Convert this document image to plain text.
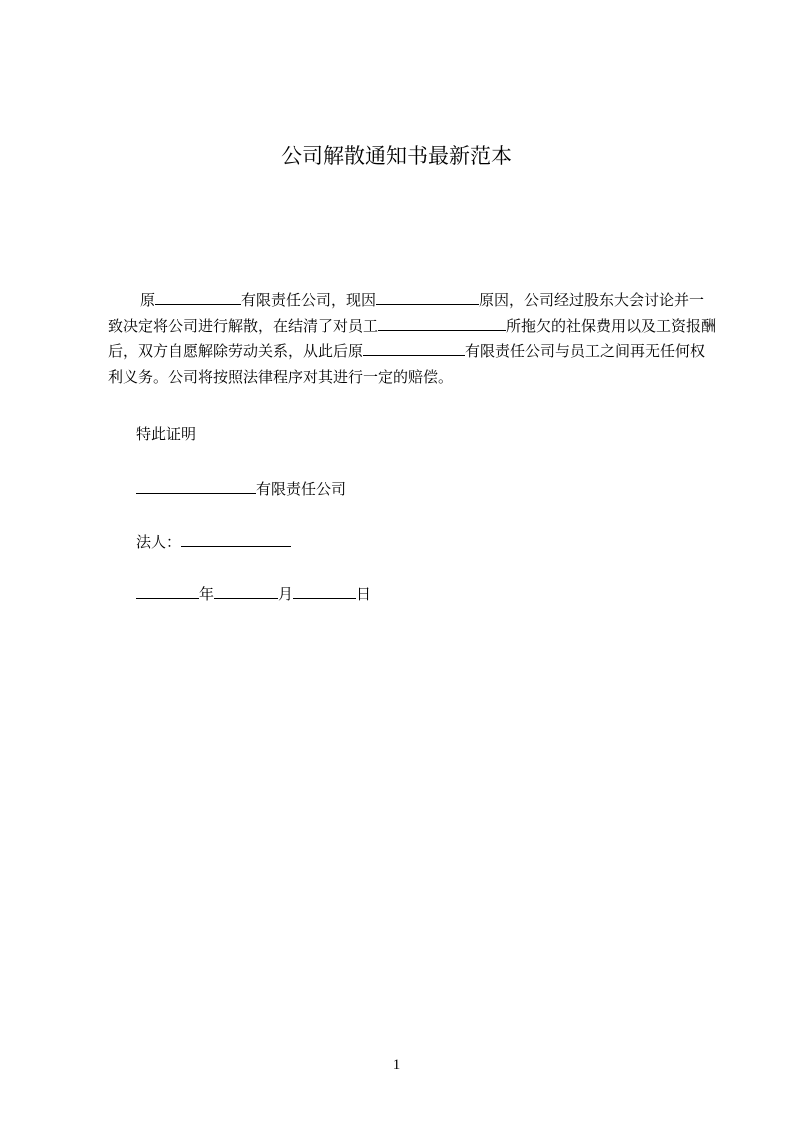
公司解散通知书最新范本

原	有限责任公司，现因	原因，公司经过股东大会讨论并一致决定将公司进行解散，在结清了对员工	所拖欠的社保费用以及工资报酬后，双方自愿解除劳动关系，从此后原	有限责任公司与员工之间再无任何权利义务。公司将按照法律程序对其进行一定的赔偿。

特此证明

有限责任公司

法人：

年	月	日

1
